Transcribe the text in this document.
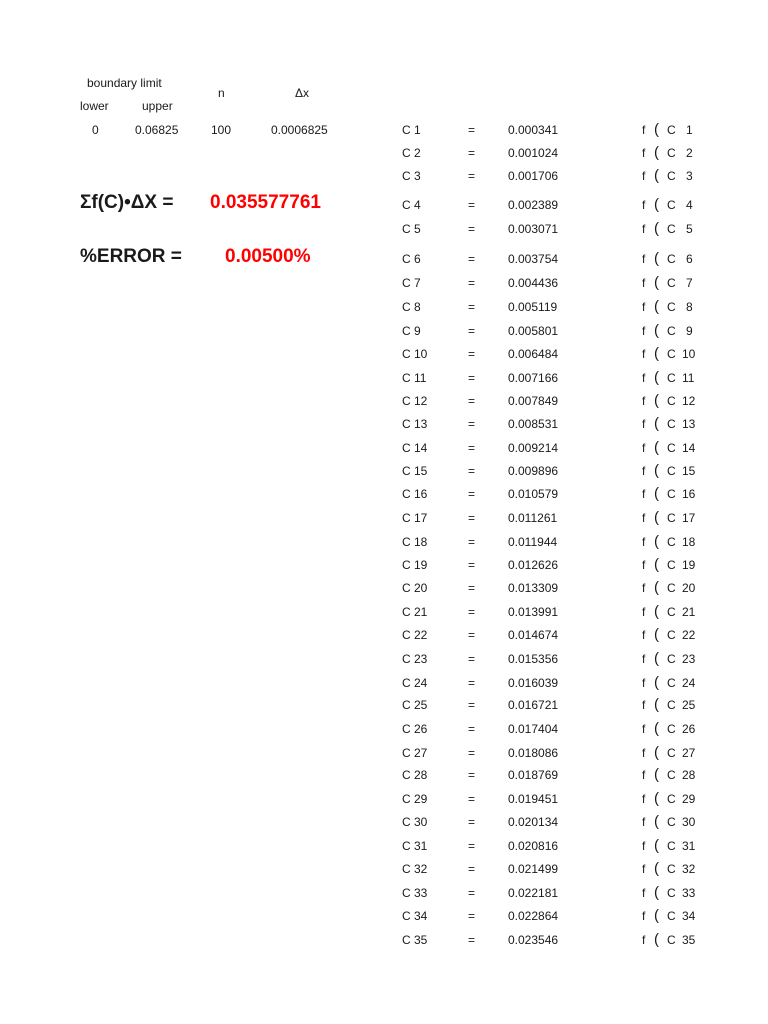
boundary limit
lower	upper
n	Δx
0	0.06825	100	0.0006825
Σf(C)•ΔX = 0.035577761
%ERROR = 0.00500%
C 1	=	0.000341	f ( C 1
C 2	=	0.001024	f ( C 2
C 3	=	0.001706	f ( C 3
C 4	=	0.002389	f ( C 4
C 5	=	0.003071	f ( C 5
C 6	=	0.003754	f ( C 6
C 7	=	0.004436	f ( C 7
C 8	=	0.005119	f ( C 8
C 9	=	0.005801	f ( C 9
C 10	=	0.006484	f ( C 10
C 11	=	0.007166	f ( C 11
C 12	=	0.007849	f ( C 12
C 13	=	0.008531	f ( C 13
C 14	=	0.009214	f ( C 14
C 15	=	0.009896	f ( C 15
C 16	=	0.010579	f ( C 16
C 17	=	0.011261	f ( C 17
C 18	=	0.011944	f ( C 18
C 19	=	0.012626	f ( C 19
C 20	=	0.013309	f ( C 20
C 21	=	0.013991	f ( C 21
C 22	=	0.014674	f ( C 22
C 23	=	0.015356	f ( C 23
C 24	=	0.016039	f ( C 24
C 25	=	0.016721	f ( C 25
C 26	=	0.017404	f ( C 26
C 27	=	0.018086	f ( C 27
C 28	=	0.018769	f ( C 28
C 29	=	0.019451	f ( C 29
C 30	=	0.020134	f ( C 30
C 31	=	0.020816	f ( C 31
C 32	=	0.021499	f ( C 32
C 33	=	0.022181	f ( C 33
C 34	=	0.022864	f ( C 34
C 35	=	0.023546	f ( C 35
